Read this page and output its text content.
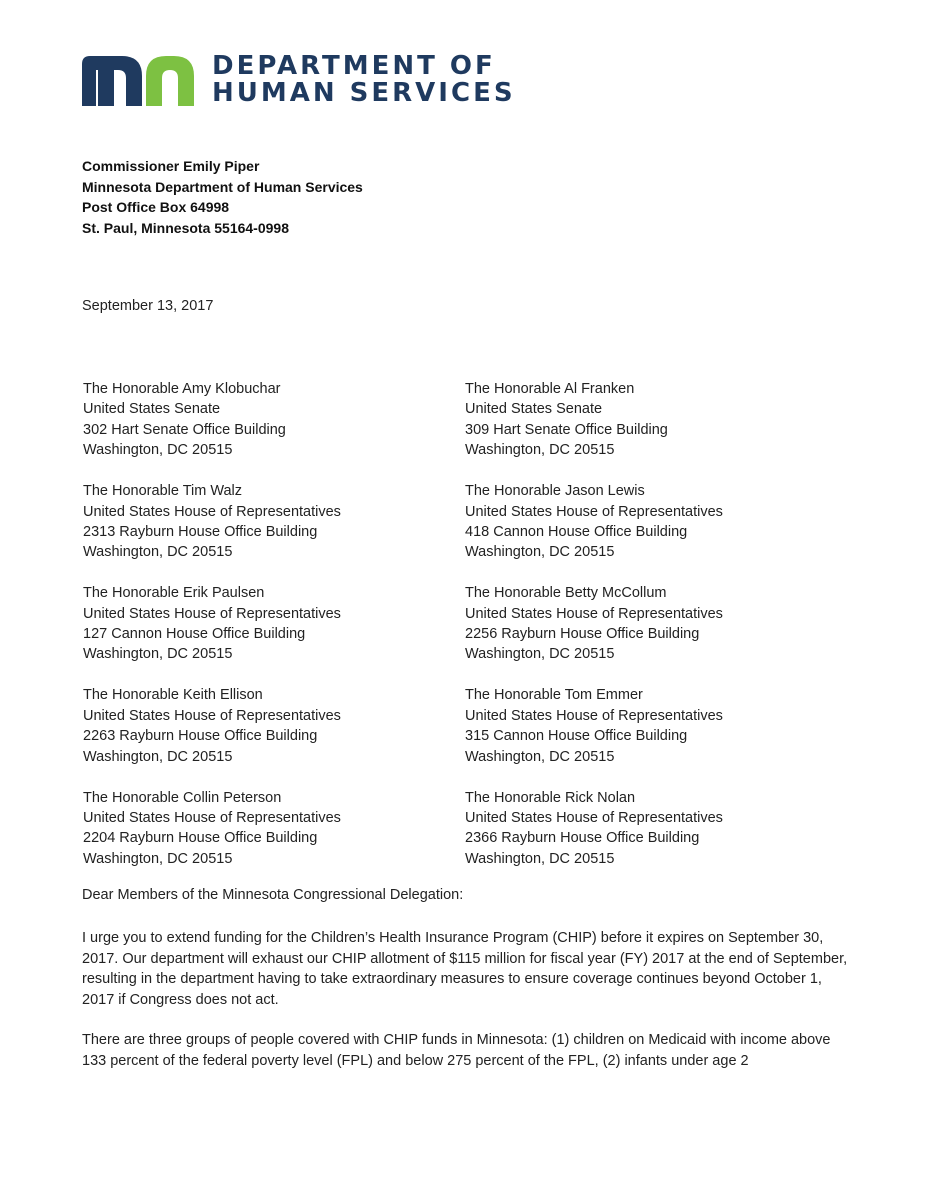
DEPARTMENT OF
HUMAN SERVICES
Commissioner Emily Piper
Minnesota Department of Human Services
Post Office Box 64998
St. Paul, Minnesota 55164-0998
September 13, 2017
The Honorable Amy Klobuchar
United States Senate
302 Hart Senate Office Building
Washington, DC 20515
The Honorable Al Franken
United States Senate
309 Hart Senate Office Building
Washington, DC 20515
The Honorable Tim Walz
United States House of Representatives
2313 Rayburn House Office Building
Washington, DC 20515
The Honorable Jason Lewis
United States House of Representatives
418 Cannon House Office Building
Washington, DC 20515
The Honorable Erik Paulsen
United States House of Representatives
127 Cannon House Office Building
Washington, DC 20515
The Honorable Betty McCollum
United States House of Representatives
2256 Rayburn House Office Building
Washington, DC 20515
The Honorable Keith Ellison
United States House of Representatives
2263 Rayburn House Office Building
Washington, DC 20515
The Honorable Tom Emmer
United States House of Representatives
315 Cannon House Office Building
Washington, DC 20515
The Honorable Collin Peterson
United States House of Representatives
2204 Rayburn House Office Building
Washington, DC 20515
The Honorable Rick Nolan
United States House of Representatives
2366 Rayburn House Office Building
Washington, DC 20515
Dear Members of the Minnesota Congressional Delegation:
I urge you to extend funding for the Children’s Health Insurance Program (CHIP) before it expires on September 30, 2017. Our department will exhaust our CHIP allotment of $115 million for fiscal year (FY) 2017 at the end of September, resulting in the department having to take extraordinary measures to ensure coverage continues beyond October 1, 2017 if Congress does not act.
There are three groups of people covered with CHIP funds in Minnesota: (1) children on Medicaid with income above 133 percent of the federal poverty level (FPL) and below 275 percent of the FPL, (2) infants under age 2
